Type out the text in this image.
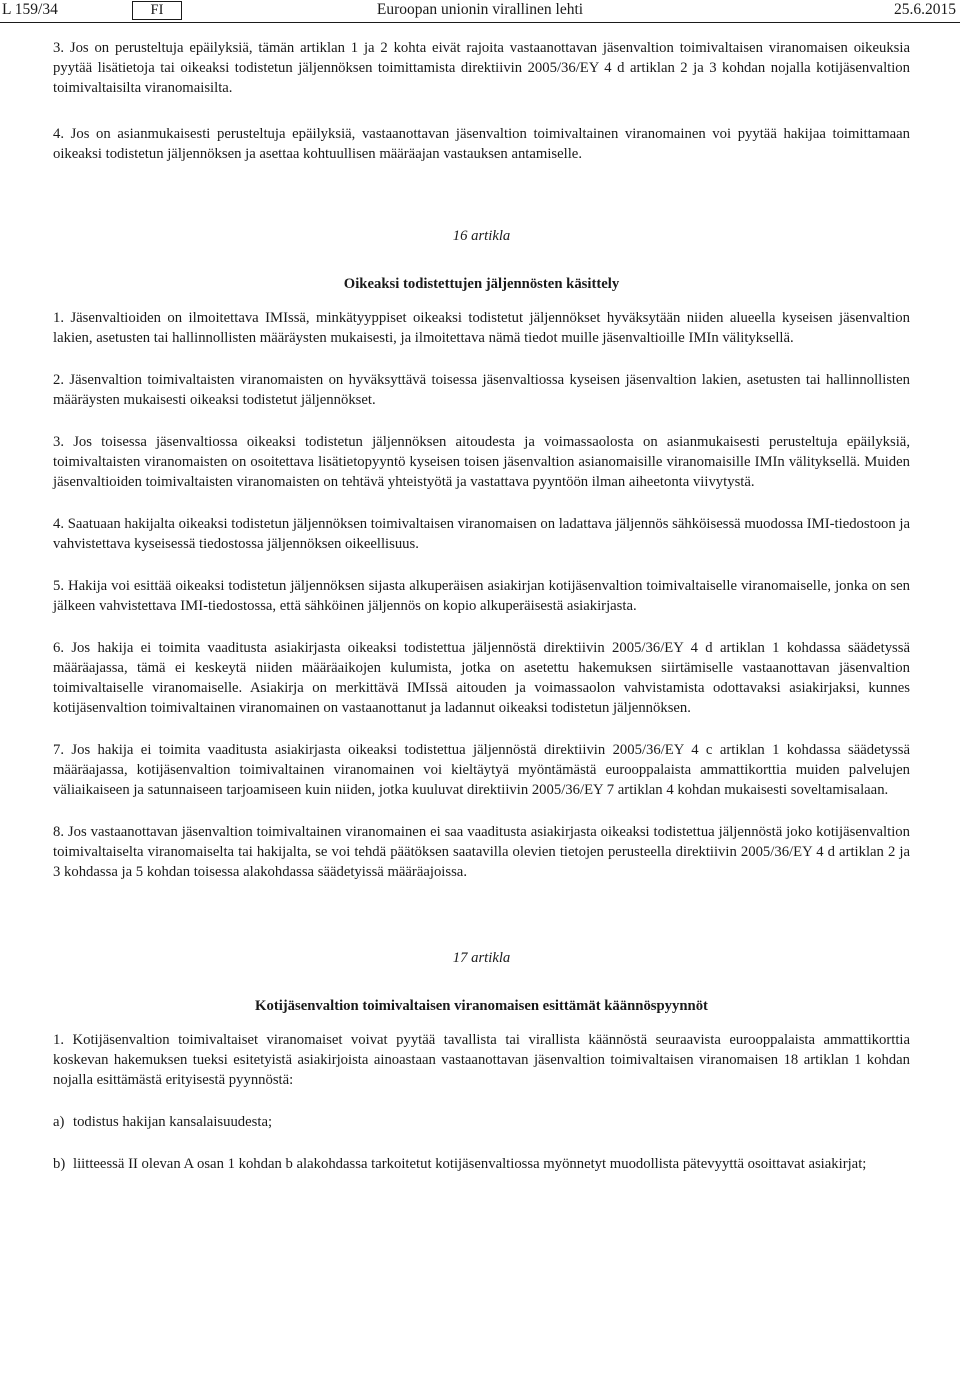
L 159/34	FI	Euroopan unionin virallinen lehti	25.6.2015

3. Jos on perusteltuja epäilyksiä, tämän artiklan 1 ja 2 kohta eivät rajoita vastaanottavan jäsenvaltion toimivaltaisen viranomaisen oikeuksia pyytää lisätietoja tai oikeaksi todistetun jäljennöksen toimittamista direktiivin 2005/36/EY 4 d artiklan 2 ja 3 kohdan nojalla kotijäsenvaltion toimivaltaisilta viranomaisilta.

4. Jos on asianmukaisesti perusteltuja epäilyksiä, vastaanottavan jäsenvaltion toimivaltainen viranomainen voi pyytää hakijaa toimittamaan oikeaksi todistetun jäljennöksen ja asettaa kohtuullisen määräajan vastauksen antamiselle.

16 artikla

Oikeaksi todistettujen jäljennösten käsittely

1. Jäsenvaltioiden on ilmoitettava IMIssä, minkätyyppiset oikeaksi todistetut jäljennökset hyväksytään niiden alueella kyseisen jäsenvaltion lakien, asetusten tai hallinnollisten määräysten mukaisesti, ja ilmoitettava nämä tiedot muille jäsenvaltioille IMIn välityksellä.

2. Jäsenvaltion toimivaltaisten viranomaisten on hyväksyttävä toisessa jäsenvaltiossa kyseisen jäsenvaltion lakien, asetusten tai hallinnollisten määräysten mukaisesti oikeaksi todistetut jäljennökset.

3. Jos toisessa jäsenvaltiossa oikeaksi todistetun jäljennöksen aitoudesta ja voimassaolosta on asianmukaisesti perusteltuja epäilyksiä, toimivaltaisten viranomaisten on osoitettava lisätietopyyntö kyseisen toisen jäsenvaltion asianomaisille viranomaisille IMIn välityksellä. Muiden jäsenvaltioiden toimivaltaisten viranomaisten on tehtävä yhteistyötä ja vastattava pyyntöön ilman aiheetonta viivytystä.

4. Saatuaan hakijalta oikeaksi todistetun jäljennöksen toimivaltaisen viranomaisen on ladattava jäljennös sähköisessä muodossa IMI-tiedostoon ja vahvistettava kyseisessä tiedostossa jäljennöksen oikeellisuus.

5. Hakija voi esittää oikeaksi todistetun jäljennöksen sijasta alkuperäisen asiakirjan kotijäsenvaltion toimivaltaiselle viranomaiselle, jonka on sen jälkeen vahvistettava IMI-tiedostossa, että sähköinen jäljennös on kopio alkuperäisestä asiakirjasta.

6. Jos hakija ei toimita vaaditusta asiakirjasta oikeaksi todistettua jäljennöstä direktiivin 2005/36/EY 4 d artiklan 1 kohdassa säädetyssä määräajassa, tämä ei keskeytä niiden määräaikojen kulumista, jotka on asetettu hakemuksen siirtämiselle vastaanottavan jäsenvaltion toimivaltaiselle viranomaiselle. Asiakirja on merkittävä IMIssä aitouden ja voimassaolon vahvistamista odottavaksi asiakirjaksi, kunnes kotijäsenvaltion toimivaltainen viranomainen on vastaanottanut ja ladannut oikeaksi todistetun jäljennöksen.

7. Jos hakija ei toimita vaaditusta asiakirjasta oikeaksi todistettua jäljennöstä direktiivin 2005/36/EY 4 c artiklan 1 kohdassa säädetyssä määräajassa, kotijäsenvaltion toimivaltainen viranomainen voi kieltäytyä myöntämästä eurooppalaista ammattikorttia muiden palvelujen väliaikaiseen ja satunnaiseen tarjoamiseen kuin niiden, jotka kuuluvat direktiivin 2005/36/EY 7 artiklan 4 kohdan mukaisesti soveltamisalaan.

8. Jos vastaanottavan jäsenvaltion toimivaltainen viranomainen ei saa vaaditusta asiakirjasta oikeaksi todistettua jäljennöstä joko kotijäsenvaltion toimivaltaiselta viranomaiselta tai hakijalta, se voi tehdä päätöksen saatavilla olevien tietojen perusteella direktiivin 2005/36/EY 4 d artiklan 2 ja 3 kohdassa ja 5 kohdan toisessa alakohdassa säädetyissä määräajoissa.

17 artikla

Kotijäsenvaltion toimivaltaisen viranomaisen esittämät käännöspyynnöt

1. Kotijäsenvaltion toimivaltaiset viranomaiset voivat pyytää tavallista tai virallista käännöstä seuraavista eurooppalaista ammattikorttia koskevan hakemuksen tueksi esitetyistä asiakirjoista ainoastaan vastaanottavan jäsenvaltion toimivaltaisen viranomaisen 18 artiklan 1 kohdan nojalla esittämästä erityisestä pyynnöstä:

a) todistus hakijan kansalaisuudesta;
b) liitteessä II olevan A osan 1 kohdan b alakohdassa tarkoitetut kotijäsenvaltiossa myönnetyt muodollista pätevyyttä osoittavat asiakirjat;
